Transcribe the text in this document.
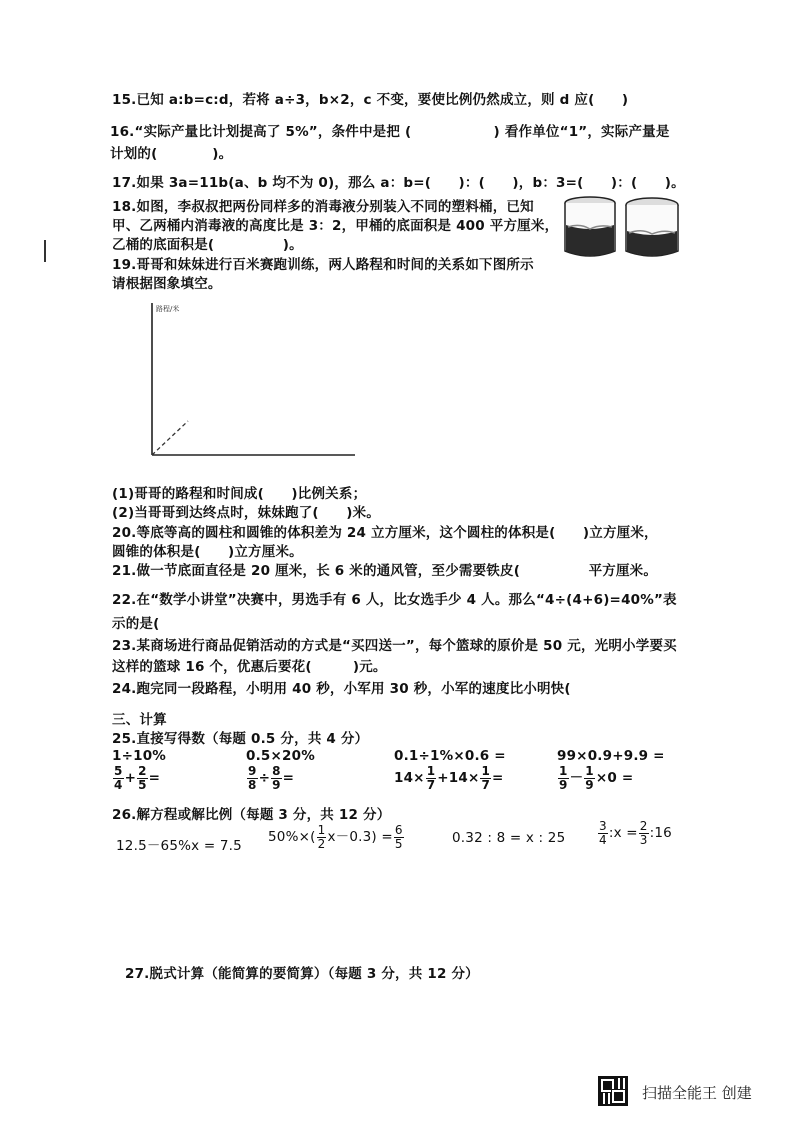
15.已知 a:b=c:d，若将 a÷3，b×2，c 不变，要使比例仍然成立，则 d 应(　　)
16.“实际产量比计划提高了 5%”，条件中是把 (　　　　　　) 看作单位“1”，实际产量是
计划的(　　　　)。
17.如果 3a=11b(a、b 均不为 0)，那么 a：b=(　　)：(　　)，b：3=(　　)：(　　)。
18.如图，李叔叔把两份同样多的消毒液分别装入不同的塑料桶，已知
甲、乙两桶内消毒液的高度比是 3：2，甲桶的底面积是 400 平方厘米，
乙桶的底面积是(　　　　　)。
19.哥哥和妹妹进行百米赛跑训练，两人路程和时间的关系如下图所示
请根据图象填空。
路程/米
(1)哥哥的路程和时间成(　　)比例关系；
(2)当哥哥到达终点时，妹妹跑了(　　)米。
20.等底等高的圆柱和圆锥的体积差为 24 立方厘米，这个圆柱的体积是(　　)立方厘米，
圆锥的体积是(　　)立方厘米。
21.做一节底面直径是 20 厘米，长 6 米的通风管，至少需要铁皮(　　　　　平方厘米。
22.在“数学小讲堂”决赛中，男选手有 6 人，比女选手少 4 人。那么“4÷(4+6)=40%”表
示的是(
23.某商场进行商品促销活动的方式是“买四送一”，每个篮球的原价是 50 元，光明小学要买
这样的篮球 16 个，优惠后要花(　　　)元。
24.跑完同一段路程，小明用 40 秒，小军用 30 秒，小军的速度比小明快(
三、计算
25.直接写得数（每题 0.5 分，共 4 分）
1÷10%	0.5×20%	0.1÷1%×0.6 =	99×0.9+9.9 =
$\frac{5}{4} + \frac{2}{5}$ =	$\frac{9}{8} \div \frac{8}{9}$ =	$14\times \frac{1}{7} +14\times \frac{1}{7}$ =	$\frac{1}{9} - \frac{1}{9} \times 0$ =
26.解方程或解比例（每题 3 分，共 12 分）
12.5－65%x = 7.5
$50\%\times( \frac{1}{2} x-0.3) = \frac{6}{5}$	0.32 : 8 = x : 25	$\frac{3}{4}$ :x = $\frac{2}{3}$ :16
27.脱式计算（能简算的要简算）（每题 3 分，共 12 分）
扫描全能王 创建
